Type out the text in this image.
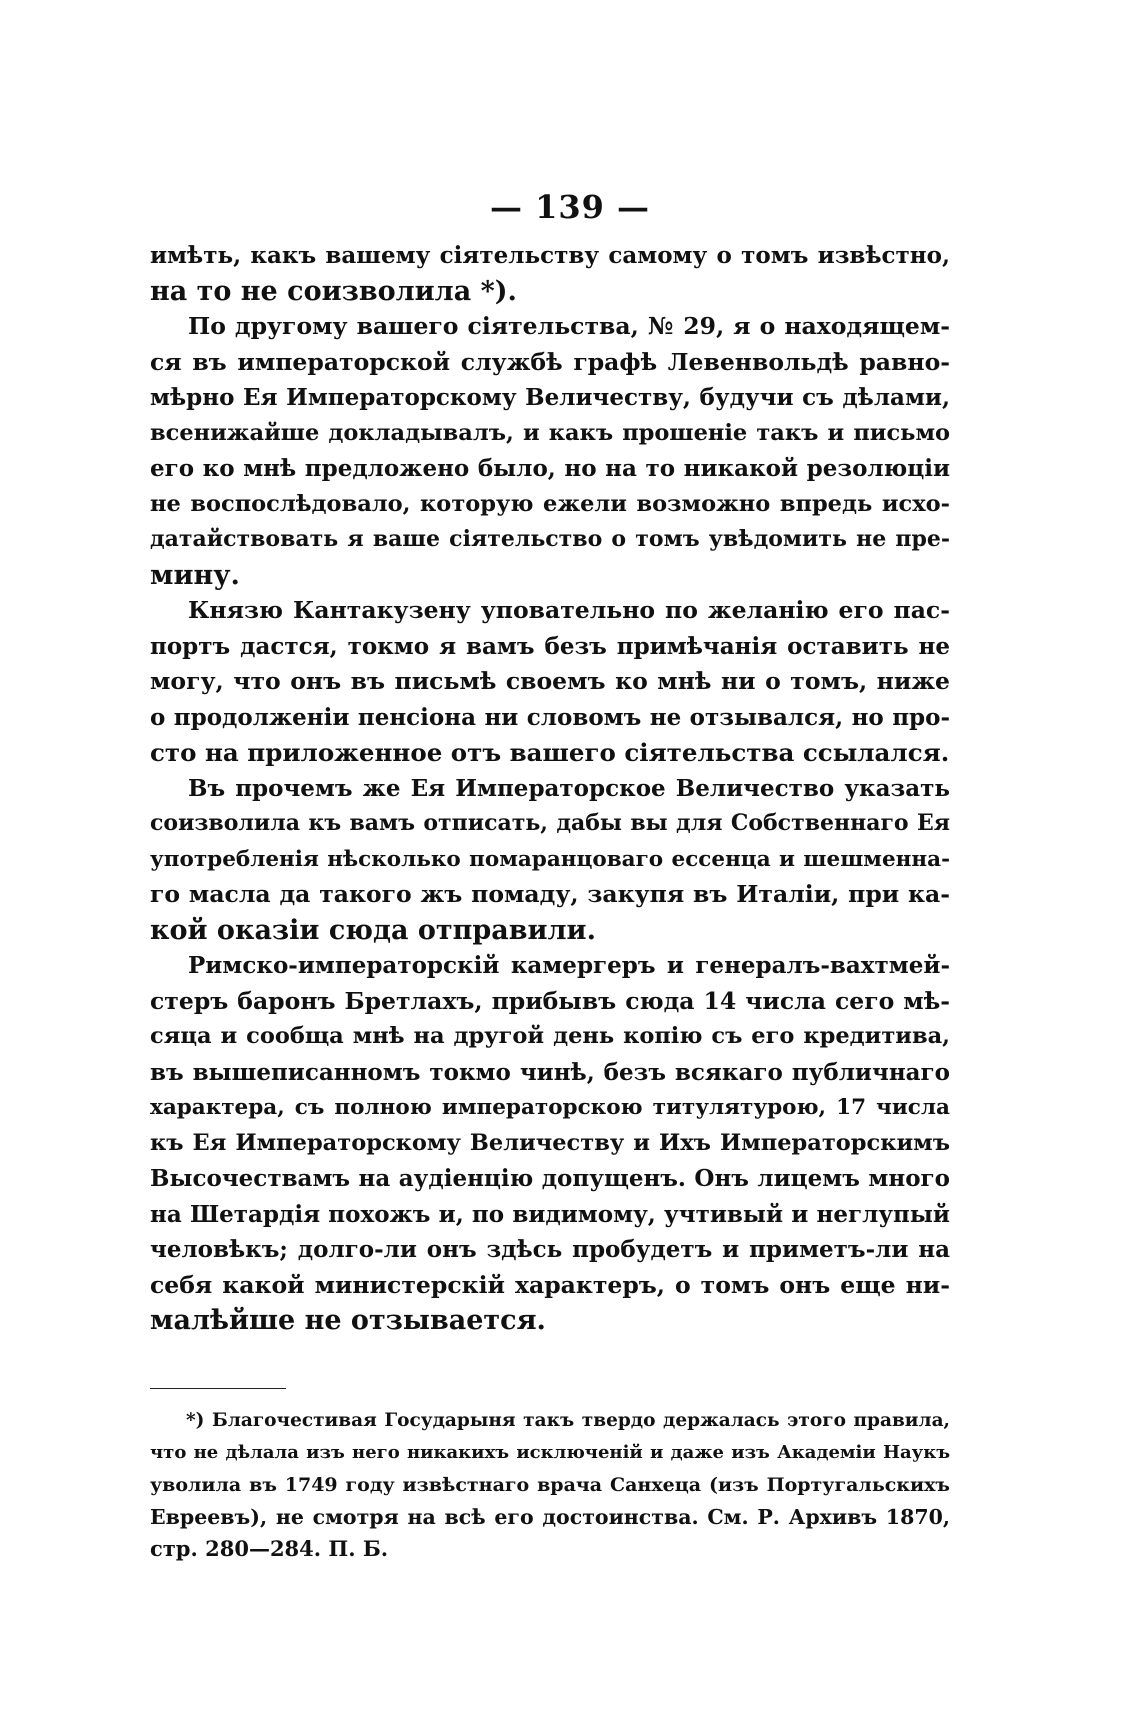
— 139 —
имѣть, какъ вашему сіятельству самому о томъ извѣстно,
на то не соизволила *).
По другому вашего сіятельства, № 29, я о находящем-
ся въ императорской службѣ графѣ Левенвольдѣ равно-
мѣрно Ея Императорскому Величеству, будучи съ дѣлами,
всенижайше докладывалъ, и какъ прошеніе такъ и письмо
его ко мнѣ предложено было, но на то никакой резолюціи
не воспослѣдовало, которую ежели возможно впредь исхо-
датайствовать я ваше сіятельство о томъ увѣдомить не пре-
мину.
Князю Кантакузену уповательно по желанію его пас-
портъ дастся, токмо я вамъ безъ примѣчанія оставить не
могу, что онъ въ письмѣ своемъ ко мнѣ ни о томъ, ниже
о продолженіи пенсіона ни словомъ не отзывался, но про-
сто на приложенное отъ вашего сіятельства ссылался.
Въ прочемъ же Ея Императорское Величество указать
соизволила къ вамъ отписать, дабы вы для Собственнаго Ея
употребленія нѣсколько помаранцоваго ессенца и шешменна-
го масла да такого жъ помаду, закупя въ Италіи, при ка-
кой оказіи сюда отправили.
Римско-императорскій камергеръ и генералъ-вахтмей-
стеръ баронъ Бретлахъ, прибывъ сюда 14 числа сего мѣ-
сяца и сообща мнѣ на другой день копію съ его кредитива,
въ вышеписанномъ токмо чинѣ, безъ всякаго публичнаго
характера, съ полною императорскою титулятурою, 17 числа
къ Ея Императорскому Величеству и Ихъ Императорскимъ
Высочествамъ на аудіенцію допущенъ. Онъ лицемъ много
на Шетардія похожъ и, по видимому, учтивый и неглупый
человѣкъ; долго-ли онъ здѣсь пробудетъ и приметъ-ли на
себя какой министерскій характеръ, о томъ онъ еще ни-
малѣйше не отзывается.
*) Благочестивая Государыня такъ твердо держалась этого правила,
что не дѣлала изъ него никакихъ исключеній и даже изъ Академіи Наукъ
уволила въ 1749 году извѣстнаго врача Санхеца (изъ Португальскихъ
Евреевъ), не смотря на всѣ его достоинства. См. Р. Архивъ 1870,
стр. 280—284. П. Б.
